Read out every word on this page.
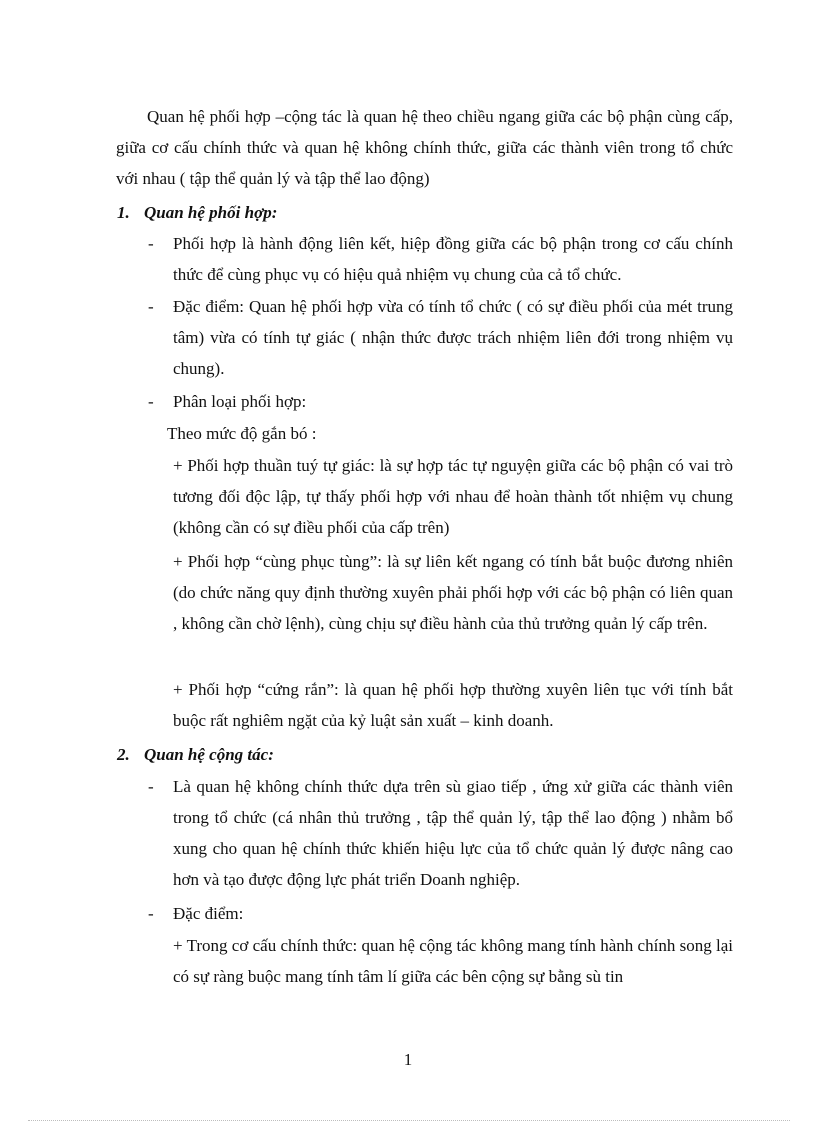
Quan hệ phối hợp –cộng tác là quan hệ theo chiều ngang giữa các bộ phận cùng cấp, giữa cơ cấu chính thức và quan hệ không chính thức, giữa các thành viên trong tổ chức với nhau ( tập thể quản lý và tập thể lao động)

1. Quan hệ phối hợp:
- Phối hợp là hành động liên kết, hiệp đồng giữa các bộ phận trong cơ cấu chính thức để cùng phục vụ có hiệu quả nhiệm vụ chung của cả tổ chức.

- Đặc điểm: Quan hệ phối hợp vừa có tính tổ chức ( có sự điều phối của mét trung tâm) vừa có tính tự giác ( nhận thức được trách nhiệm liên đới trong nhiệm vụ chung).

- Phân loại phối hợp:

Theo mức độ gắn bó :

+ Phối hợp thuần tuý tự giác: là sự hợp tác tự nguyện giữa các bộ phận có vai trò tương đối độc lập, tự thấy phối hợp với nhau để hoàn thành tốt nhiệm vụ chung (không cần có sự điều phối của cấp trên)

+ Phối hợp “cùng phục tùng”: là sự liên kết ngang có tính bắt buộc đương nhiên (do chức năng quy định thường xuyên phải phối hợp với các bộ phận có liên quan , không cần chờ lệnh), cùng chịu sự điều hành của thủ trưởng quản lý cấp trên.

+ Phối hợp “cứng rắn”: là quan hệ phối hợp thường xuyên liên tục với tính bắt buộc rất nghiêm ngặt của kỷ luật sản xuất – kinh doanh.

2. Quan hệ cộng tác:
- Là quan hệ không chính thức dựa trên sù giao tiếp , ứng xử giữa các thành viên trong tổ chức (cá nhân thủ trưởng , tập thể quản lý, tập thể lao động ) nhằm bổ xung cho quan hệ chính thức khiến hiệu lực của tổ chức quản lý được nâng cao hơn và tạo được động lực phát triển Doanh nghiệp.

- Đặc điểm:

+ Trong cơ cấu chính thức: quan hệ cộng tác không mang tính hành chính song lại có sự ràng buộc mang tính tâm lí giữa các bên cộng sự bằng sù tin

1
